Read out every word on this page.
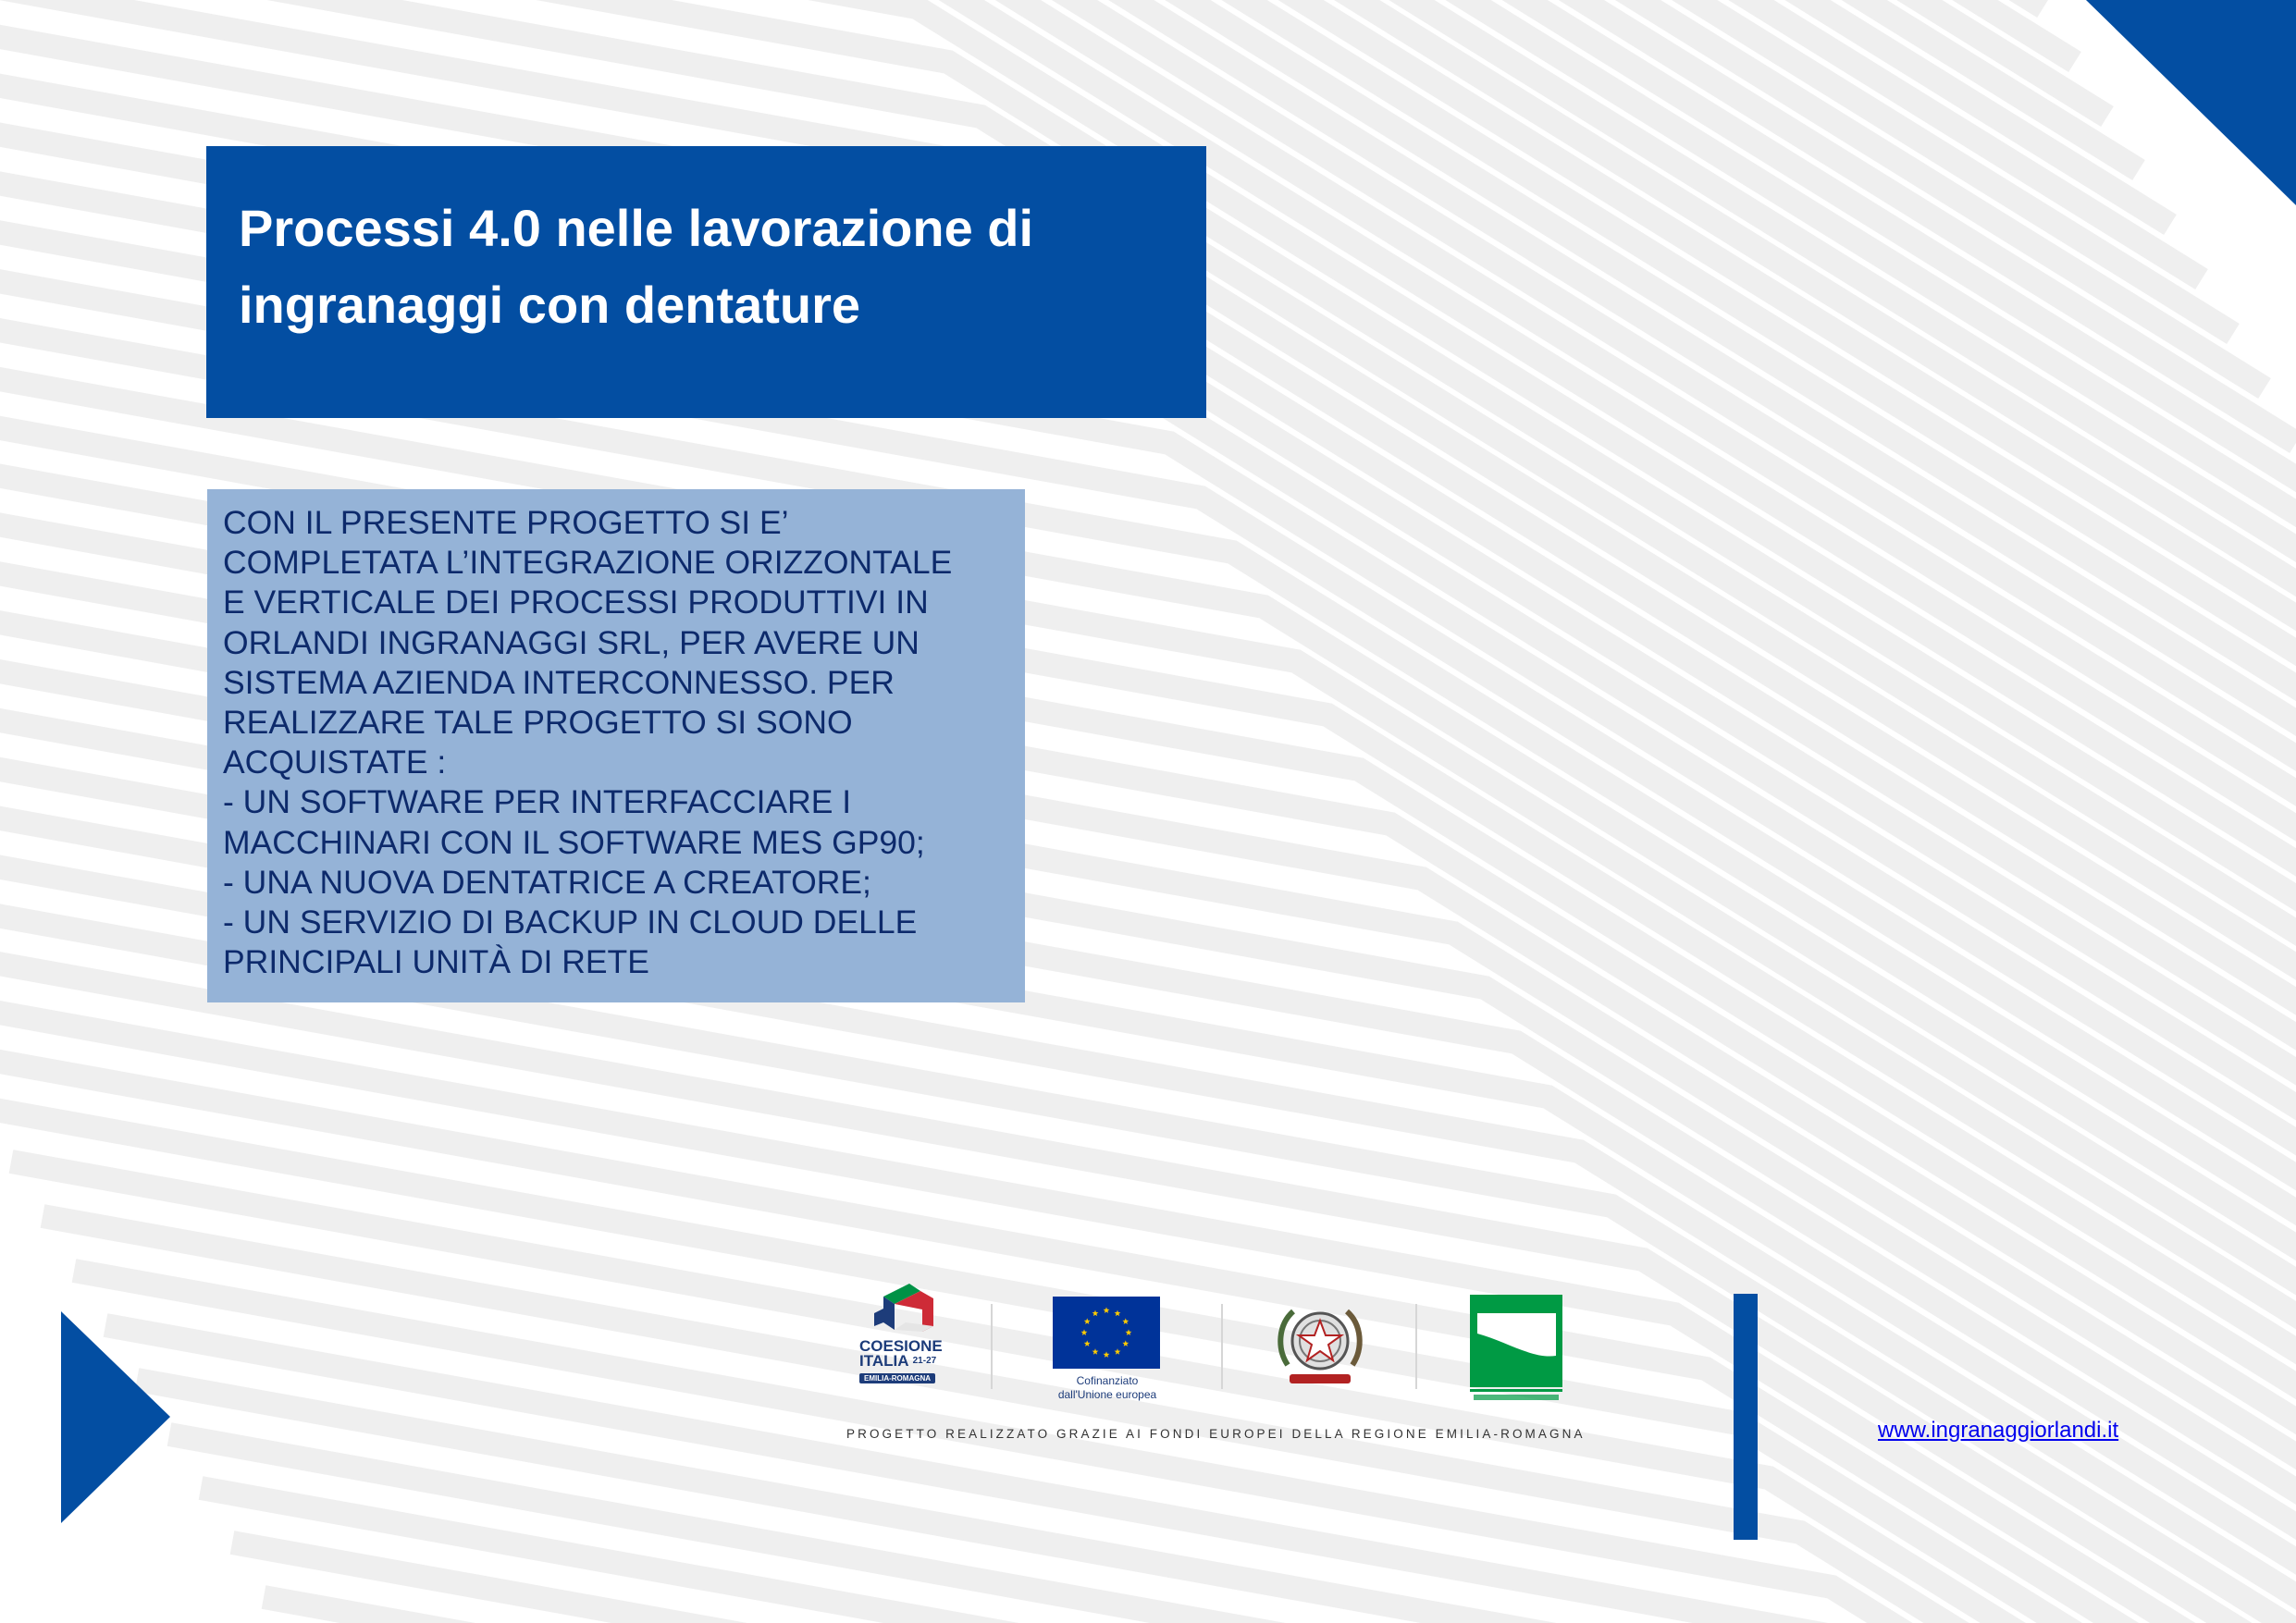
Processi 4.0 nelle lavorazione di
ingranaggi con dentature

CON IL PRESENTE PROGETTO SI E’
COMPLETATA L’INTEGRAZIONE ORIZZONTALE
E VERTICALE DEI PROCESSI PRODUTTIVI IN
ORLANDI INGRANAGGI SRL, PER AVERE UN
SISTEMA AZIENDA INTERCONNESSO. PER
REALIZZARE TALE PROGETTO SI SONO
ACQUISTATE :
- UN SOFTWARE PER INTERFACCIARE I
MACCHINARI CON IL SOFTWARE MES GP90;
- UNA NUOVA DENTATRICE A CREATORE;
- UN SERVIZIO DI BACKUP IN CLOUD DELLE
PRINCIPALI UNITÀ DI RETE

COESIONE
ITALIA $^{21-27}$
EMILIA-ROMAGNA	Cofinanziato
dall'Unione europea
PROGETTO REALIZZATO GRAZIE AI FONDI EUROPEI DELLA REGIONE EMILIA-ROMAGNA	www.ingranaggiorlandi.it
